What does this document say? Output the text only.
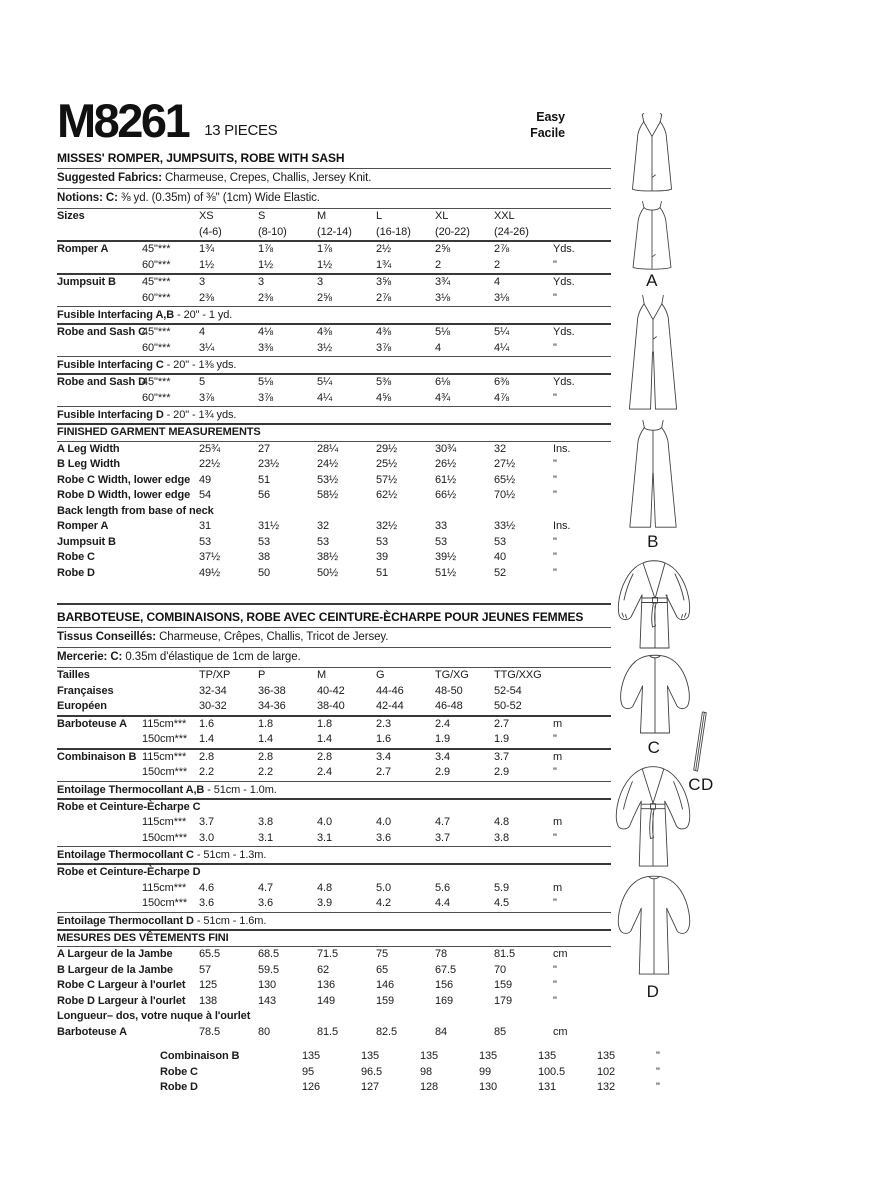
M8261 13 PIECES
Easy
Facile
MISSES' ROMPER, JUMPSUITS, ROBE WITH SASH
Suggested Fabrics: Charmeuse, Crepes, Challis, Jersey Knit.
Notions: C: ⅜ yd. (0.35m) of ⅜" (1cm) Wide Elastic.
Sizes	XS	S	M	L	XL	XXL
(4-6)	(8-10)	(12-14)	(16-18)	(20-22)	(24-26)
Romper A	45"***	1¾	1⅞	1⅞	2½	2⅝	2⅞	Yds.
60"***	1½	1½	1½	1¾	2	2	"
Jumpsuit B	45"***	3	3	3	3⅝	3¾	4	Yds.
60"***	2⅜	2⅜	2⅝	2⅞	3⅛	3⅛	"
Fusible Interfacing A,B - 20" - 1 yd.
Robe and Sash C
45"***	4	4⅛	4⅜	4⅜	5⅛	5¼	Yds.
60"***	3¼	3⅜	3½	3⅞	4	4¼	"
Fusible Interfacing C - 20" - 1⅜ yds.
Robe and Sash D
45"***	5	5⅛	5¼	5⅜	6⅛	6⅜	Yds.
60"***	3⅞	3⅞	4¼	4⅝	4¾	4⅞	"
Fusible Interfacing D - 20" - 1¾ yds.
FINISHED GARMENT MEASUREMENTS
A Leg Width	25¾	27	28¼	29½	30¾	32	Ins.
B Leg Width	22½	23½	24½	25½	26½	27½	"
Robe C Width, lower edge 49	51	53½	57½	61½	65½	"
Robe D Width, lower edge 54	56	58½	62½	66½	70½	"
Back length from base of neck
Romper A	31	31½	32	32½	33	33½	Ins.
Jumpsuit B	53	53	53	53	53	53	"
Robe C	37½	38	38½	39	39½	40	"
Robe D	49½	50	50½	51	51½	52	"
BARBOTEUSE, COMBINAISONS, ROBE AVEC CEINTURE-ÈCHARPE POUR JEUNES FEMMES
Tissus Conseillés: Charmeuse, Crêpes, Challis, Tricot de Jersey.
Mercerie: C: 0.35m d'élastique de 1cm de large.
Tailles	TP/XP	P	M	G	TG/XG	TTG/XXG
Françaises	32-34	36-38	40-42	44-46	48-50	52-54
Européen	30-32	34-36	38-40	42-44	46-48	50-52
Barboteuse A	115cm***	1.6	1.8	1.8	2.3	2.4	2.7	m
150cm***	1.4	1.4	1.4	1.6	1.9	1.9	"
Combinaison B 115cm***	2.8	2.8	2.8	3.4	3.4	3.7	m
150cm***	2.2	2.2	2.4	2.7	2.9	2.9	"
Entoilage Thermocollant A,B - 51cm - 1.0m.
Robe et Ceinture-Ècharpe C
115cm***	3.7	3.8	4.0	4.0	4.7	4.8	m
150cm***	3.0	3.1	3.1	3.6	3.7	3.8	"
Entoilage Thermocollant C - 51cm - 1.3m.
Robe et Ceinture-Ècharpe D
115cm***	4.6	4.7	4.8	5.0	5.6	5.9	m
150cm***	3.6	3.6	3.9	4.2	4.4	4.5	"
Entoilage Thermocollant D - 51cm - 1.6m.
MESURES DES VÊTEMENTS FINI
A Largeur de la Jambe	65.5	68.5	71.5	75	78	81.5	cm
B Largeur de la Jambe	57	59.5	62	65	67.5	70	"
Robe C Largeur à l'ourlet	125	130	136	146	156	159	"
Robe D Largeur à l'ourlet	138	143	149	159	169	179	"
Longueur– dos, votre nuque à l'ourlet
Barboteuse A	78.5	80	81.5	82.5	84	85	cm
Combinaison B	135	135	135	135	135	135	"
Robe C	95	96.5	98	99	100.5	102	"
Robe D	126	127	128	130	131	132	"
A
B
C
CD
D
